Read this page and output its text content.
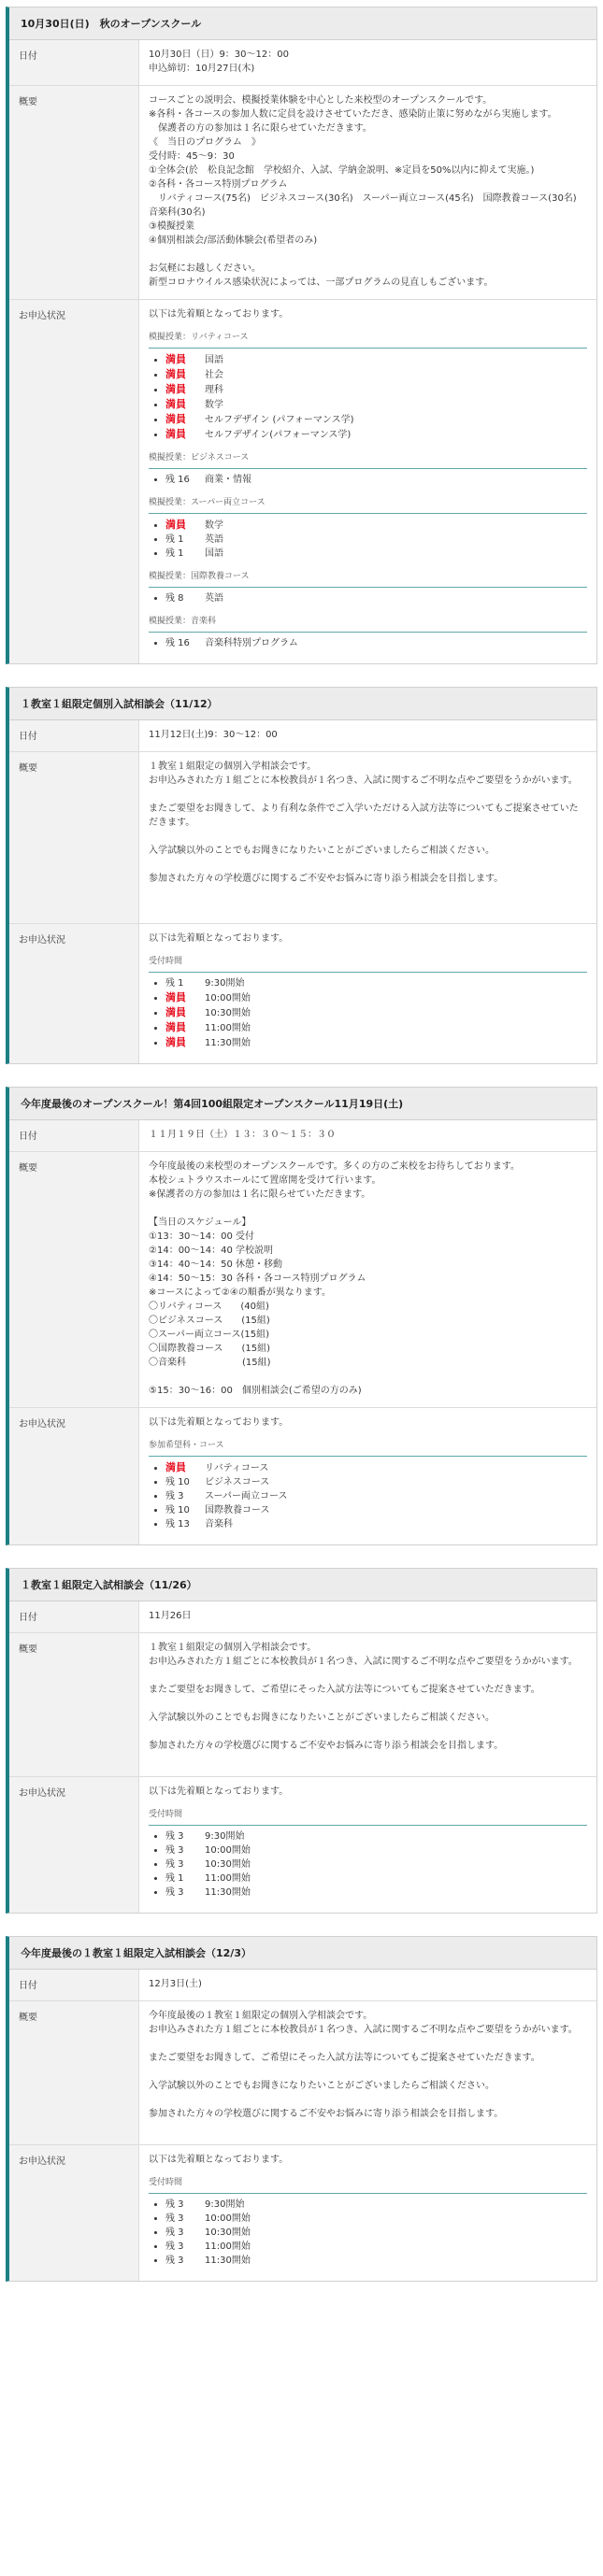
10月30日(日)　秋のオープンスクール
日付	10月30日（日）9：30～12：00
申込締切：10月27日(木)
概要	コースごとの説明会、模擬授業体験を中心とした来校型のオープンスクールです。
※各科・各コースの参加人数に定員を設けさせていただき、感染防止策に努めながら実施します。
　保護者の方の参加は１名に限らせていただきます。
《　当日のプログラム　》
受付時：45～9：30
①全体会(於　松良記念館　学校紹介、入試、学納金説明、※定員を50%以内に抑えて実施。)
②各科・各コース特別プログラム
　リバティコース(75名)　ビジネスコース(30名)　スーパー両立コース(45名)　国際教養コース(30名)　音楽科(30名)
③模擬授業
④個別相談会/部活動体験会(希望者のみ)
お気軽にお越しください。
新型コロナウイルス感染状況によっては、一部プログラムの見直しもございます。
お申込状況	以下は先着順となっております。
模擬授業：リバティコース
• 満員 国語
• 満員 社会
• 満員 理科
• 満員 数学
• 満員 セルフデザイン (パフォーマンス学)
• 満員 セルフデザイン(パフォーマンス学)
模擬授業：ビジネスコース
• 残 16 商業・情報
模擬授業：スーパー両立コース
• 満員 数学
• 残 1 英語
• 残 1 国語
模擬授業：国際教養コース
• 残 8 英語
模擬授業：音楽科
• 残 16 音楽科特別プログラム
１教室１組限定個別入試相談会（11/12）
日付	11月12日(土)9：30～12：00
概要	１教室１組限定の個別入学相談会です。
お申込みされた方１組ごとに本校教員が１名つき、入試に関するご不明な点やご要望をうかがいます。
またご要望をお聞きして、より有利な条件でご入学いただける入試方法等についてもご提案させていただきます。
入学試験以外のことでもお聞きになりたいことがございましたらご相談ください。
参加された方々の学校選びに関するご不安やお悩みに寄り添う相談会を目指します。
お申込状況	以下は先着順となっております。
受付時間
• 残 1 9:30開始
• 満員 10:00開始
• 満員 10:30開始
• 満員 11:00開始
• 満員 11:30開始
今年度最後のオープンスクール！第4回100組限定オープンスクール11月19日(土)
日付	１１月１９日（土）１３：３０～１５：３０
概要	今年度最後の来校型のオープンスクールです。多くの方のご来校をお待ちしております。
本校シュトラウスホールにて置席開を受けて行います。
※保護者の方の参加は１名に限らせていただきます。
【当日のスケジュール】
①13：30～14：00 受付
②14：00～14：40 学校説明
③14：40～14：50 休憩・移動
④14：50～15：30 各科・各コース特別プログラム
※コースによって②④の順番が異なります。
〇リバティコース　　(40組)
〇ビジネスコース　　(15組)
〇スーパー両立コース(15組)
〇国際教養コース　　(15組)
〇音楽科　　　　　　(15組)
⑤15：30～16：00　個別相談会(ご希望の方のみ)
お申込状況	以下は先着順となっております。
参加希望科・コース
• 満員 リバティコース
• 残 10 ビジネスコース
• 残 3 スーパー両立コース
• 残 10 国際教養コース
• 残 13 音楽科
１教室１組限定入試相談会（11/26）
日付	11月26日
概要	１教室１組限定の個別入学相談会です。
お申込みされた方１組ごとに本校教員が１名つき、入試に関するご不明な点やご要望をうかがいます。
またご要望をお聞きして、ご希望にそった入試方法等についてもご提案させていただきます。
入学試験以外のことでもお聞きになりたいことがございましたらご相談ください。
参加された方々の学校選びに関するご不安やお悩みに寄り添う相談会を目指します。
お申込状況	以下は先着順となっております。
受付時間
• 残 3 9:30開始
• 残 3 10:00開始
• 残 3 10:30開始
• 残 1 11:00開始
• 残 3 11:30開始
今年度最後の１教室１組限定入試相談会（12/3）
日付	12月3日(土)
概要	今年度最後の１教室１組限定の個別入学相談会です。
お申込みされた方１組ごとに本校教員が１名つき、入試に関するご不明な点やご要望をうかがいます。
またご要望をお聞きして、ご希望にそった入試方法等についてもご提案させていただきます。
入学試験以外のことでもお聞きになりたいことがございましたらご相談ください。
参加された方々の学校選びに関するご不安やお悩みに寄り添う相談会を目指します。
お申込状況	以下は先着順となっております。
受付時間
• 残 3 9:30開始
• 残 3 10:00開始
• 残 3 10:30開始
• 残 3 11:00開始
• 残 3 11:30開始
